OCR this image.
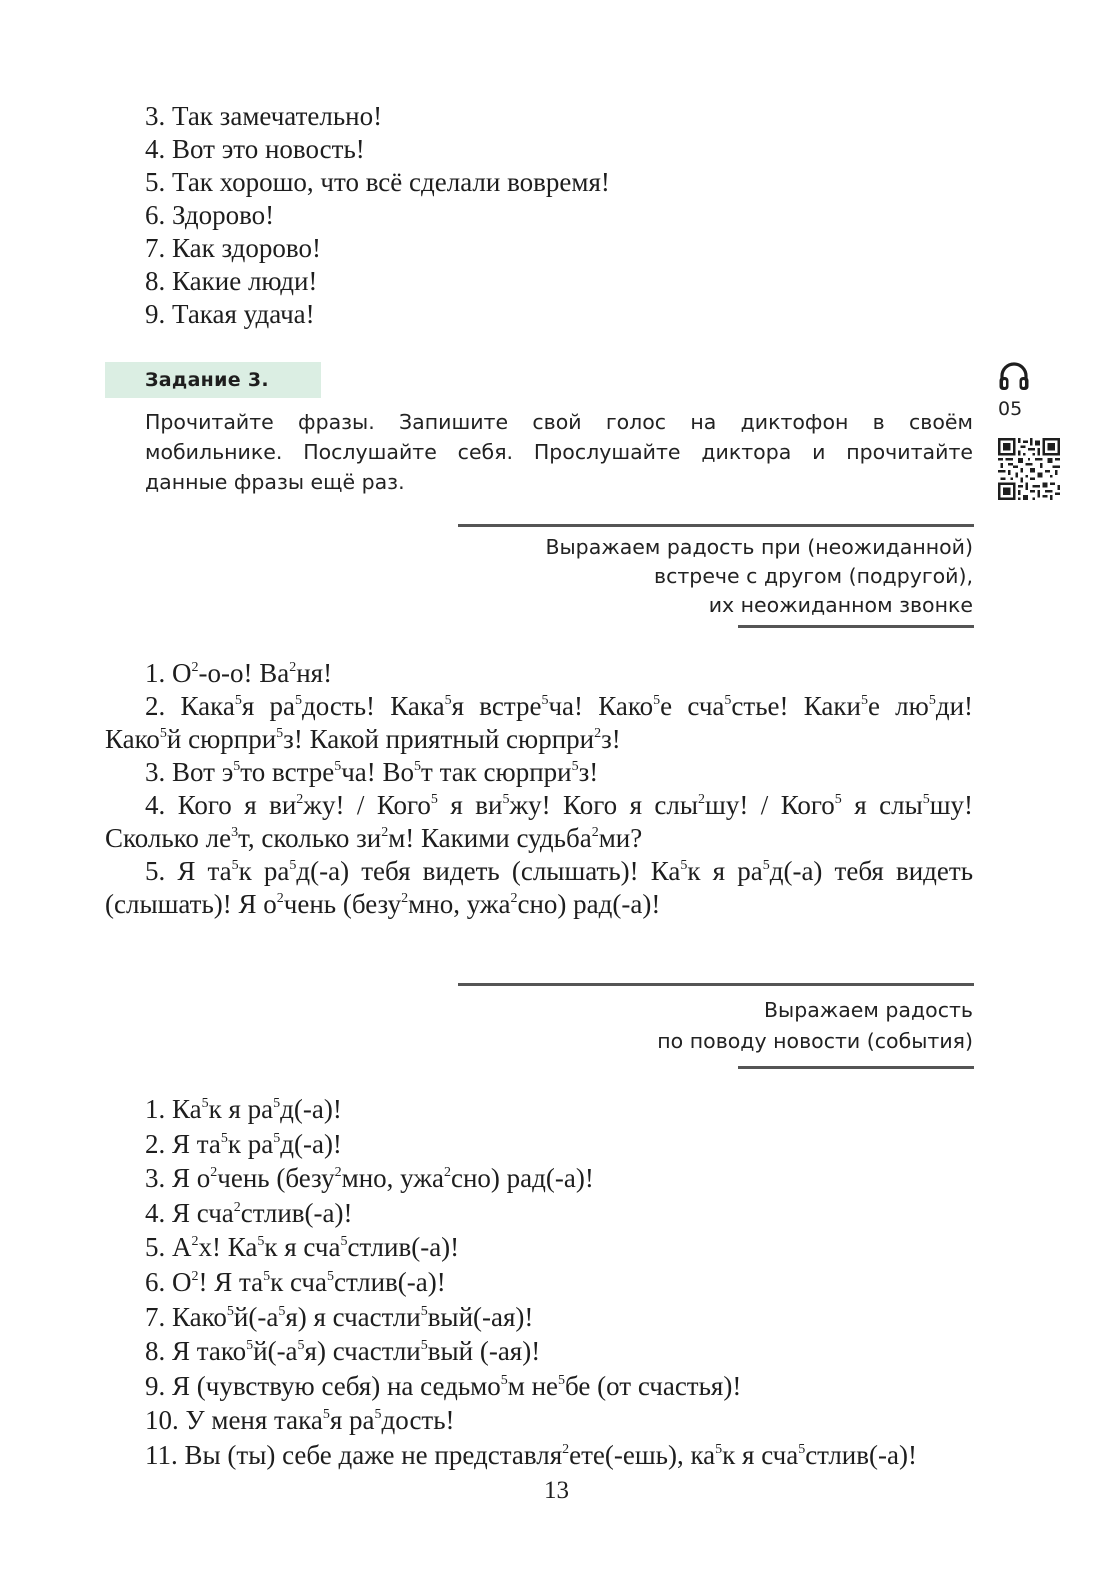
3. Так замечательно!
4. Вот это новость!
5. Так хорошо, что всё сделали вовремя!
6. Здорово!
7. Как здорово!
8. Какие люди!
9. Такая удача!
Задание 3.
Прочитайте фразы. Запишите свой голос на диктофон в своём мобильнике. Послушайте себя. Прослушайте диктора и прочитайте данные фразы ещё раз.
05
Выражаем радость при (неожиданной)
встрече с другом (подругой),
их неожиданном звонке

1. $О^2-о-о$! $Ва^2ня$!

2. Кака$^5$я $ра^5дость$! Кака$^5$я встре$^5$ча! Како$^5$е сча$^5$стье! Каки$^5$е $лю^5ди$! Како$^5$й сюрпри$^5$з! Какой приятный сюрпри$^2$з!

3. Вот $э^5то$ встре$^5$ча! $Во^5т$ так сюрпри$^5$з!

4. Кого я $ви^2жу$! / Кого$^5$ я $ви^5жу$! Кого я слы$^2$шу! / Кого$^5$ я слы$^5$шу! Сколько $ле^3т$, сколько $зи^2м$! Какими судьба$^2$ми?

5. Я $та^5к$ $ра^5д(-а)$ тебя видеть (слышать)! $Ка^5к$ я $ра^5д(-а)$ тебя видеть (слышать)! Я $о^2чень$ (безу$^2$мно, ужа$^2$сно) рад(-а)!

Выражаем радость
по поводу новости (события)
1. $Ка^5к$ я $ра^5д(-а)$!
2. Я $та^5к$ $ра^5д(-а)$!
3. Я $о^2чень$ (безу$^2$мно, ужа$^2$сно) рад(-а)!
4. Я сча$^2$стлив(-а)!
5. $А^2х$! $Ка^5к$ я сча$^5$стлив(-а)!
6. $О^2$! Я $та^5к$ сча$^5$стлив(-а)!
7. $Како^5й(-а^5я)$ я счастли$^5$вый(-ая)!
8. Я $тако^5й(-а^5я)$ счастли$^5$вый (-ая)!
9. Я (чувствую себя) на седьмо$^5$м $не^5бе$ (от счастья)!
10. У меня така$^5$я $ра^5дость$!
11. Вы (ты) себе даже не представля$^2$ете(-ешь), $ка^5к$ я сча$^5$стлив(-а)!
13
